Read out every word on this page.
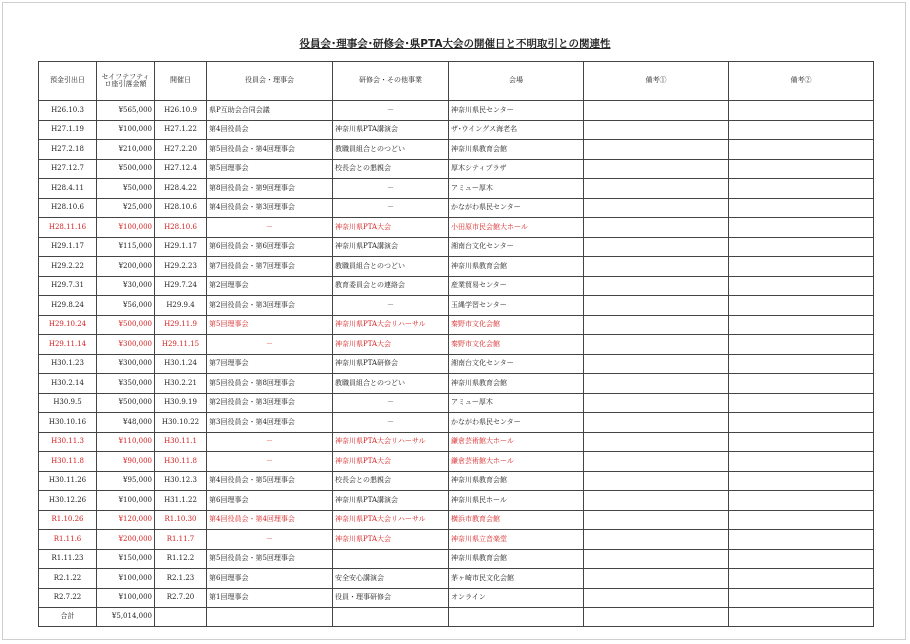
役員会･理事会･研修会･県PTA大会の開催日と不明取引との関連性
預金引出日	セイフテフティロ座引落金額	開催日	役員会・理事会	研修会・その他事業	会場	備考①	備考②
H26.10.3	¥565,000	H26.10.9	県P互助会合同会議	－	神奈川県民センター		
H27.1.19	¥100,000	H27.1.22	第4回役員会	神奈川県PTA講演会	ザ･ウイングス海老名		
H27.2.18	¥210,000	H27.2.20	第5回役員会・第4回理事会	教職員組合とのつどい	神奈川県教育会館		
H27.12.7	¥500,000	H27.12.4	第5回理事会	校長会との懇親会	厚木シティプラザ		
H28.4.11	¥50,000	H28.4.22	第8回役員会・第9回理事会	－	アミュー厚木		
H28.10.6	¥25,000	H28.10.6	第4回役員会・第3回理事会	－	かながわ県民センター		
H28.11.16	¥100,000	H28.10.6	－	神奈川県PTA大会	小田原市民会館大ホール		
H29.1.17	¥115,000	H29.1.17	第6回役員会・第6回理事会	神奈川県PTA講演会	湘南台文化センター		
H29.2.22	¥200,000	H29.2.23	第7回役員会・第7回理事会	教職員組合とのつどい	神奈川県教育会館		
H29.7.31	¥30,000	H29.7.24	第2回理事会	教育委員会との連絡会	産業貿易センター		
H29.8.24	¥56,000	H29.9.4	第2回役員会・第3回理事会	－	玉縄学習センター		
H29.10.24	¥500,000	H29.11.9	第5回理事会	神奈川県PTA大会リハーサル	秦野市文化会館		
H29.11.14	¥300,000	H29.11.15	－	神奈川県PTA大会	秦野市文化会館		
H30.1.23	¥300,000	H30.1.24	第7回理事会	神奈川県PTA研修会	湘南台文化センター		
H30.2.14	¥350,000	H30.2.21	第5回役員会・第8回理事会	教職員組合とのつどい	神奈川県教育会館		
H30.9.5	¥500,000	H30.9.19	第2回役員会・第3回理事会	－	アミュー厚木		
H30.10.16	¥48,000	H30.10.22	第3回役員会・第4回理事会	－	かながわ県民センター		
H30.11.3	¥110,000	H30.11.1	－	神奈川県PTA大会リハーサル	鎌倉芸術館大ホール		
H30.11.8	¥90,000	H30.11.8	－	神奈川県PTA大会	鎌倉芸術館大ホール		
H30.11.26	¥95,000	H30.12.3	第4回役員会・第5回理事会	校長会との懇親会	神奈川県教育会館		
H30.12.26	¥100,000	H31.1.22	第6回理事会	神奈川県PTA講演会	神奈川県民ホール		
R1.10.26	¥120,000	R1.10.30	第4回役員会・第4回理事会	神奈川県PTA大会リハーサル	横浜市教育会館		
R1.11.6	¥200,000	R1.11.7	－	神奈川県PTA大会	神奈川県立音楽堂		
R1.11.23	¥150,000	R1.12.2	第5回役員会・第5回理事会		神奈川県教育会館		
R2.1.22	¥100,000	R2.1.23	第6回理事会	安全安心講演会	茅ヶ崎市民文化会館		
R2.7.22	¥100,000	R2.7.20	第1回理事会	役員・理事研修会	オンライン		
合計	¥5,014,000						
